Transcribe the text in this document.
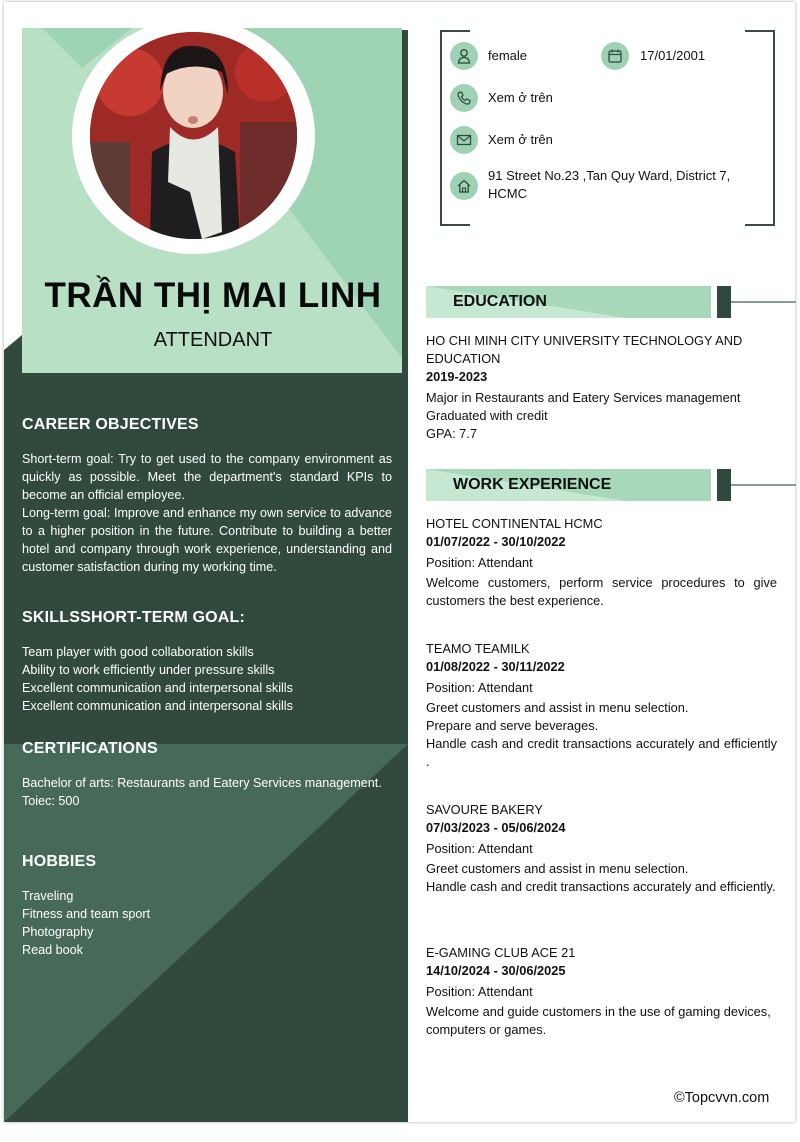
TRẦN THỊ MAI LINH
ATTENDANT
CAREER OBJECTIVES

Short-term goal: Try to get used to the company environment as quickly as possible. Meet the department's standard KPIs to become an official employee.

Long-term goal: Improve and enhance my own service to advance to a higher position in the future. Contribute to building a better hotel and company through work experience, understanding and customer satisfaction during my working time.

SKILLSSHORT-TERM GOAL:
Team player with good collaboration skills
Ability to work efficiently under pressure skills
Excellent communication and interpersonal skills
Excellent communication and interpersonal skills
CERTIFICATIONS

Bachelor of arts: Restaurants and Eatery Services management.

Toiec: 500
HOBBIES
Traveling
Fitness and team sport
Photography
Read book
female	17/01/2001
Xem ở trên
Xem ở trên
91 Street No.23 ,Tan Quy Ward, District 7, HCMC
EDUCATION
HO CHI MINH CITY UNIVERSITY TECHNOLOGY AND EDUCATION
2019-2023
Major in Restaurants and Eatery Services management
Graduated with credit
GPA: 7.7
WORK EXPERIENCE
HOTEL CONTINENTAL HCMC
01/07/2022 - 30/10/2022
Position: Attendant
Welcome customers, perform service procedures to give customers the best experience.
TEAMO TEAMILK
01/08/2022 - 30/11/2022
Position: Attendant
Greet customers and assist in menu selection.
Prepare and serve beverages.
Handle cash and credit transactions accurately and efficiently .
SAVOURE BAKERY
07/03/2023 - 05/06/2024
Position: Attendant
Greet customers and assist in menu selection.
Handle cash and credit transactions accurately and efficiently.
E-GAMING CLUB ACE 21
14/10/2024 - 30/06/2025
Position: Attendant
Welcome and guide customers in the use of gaming devices, computers or games.
©Topcvvn.com
